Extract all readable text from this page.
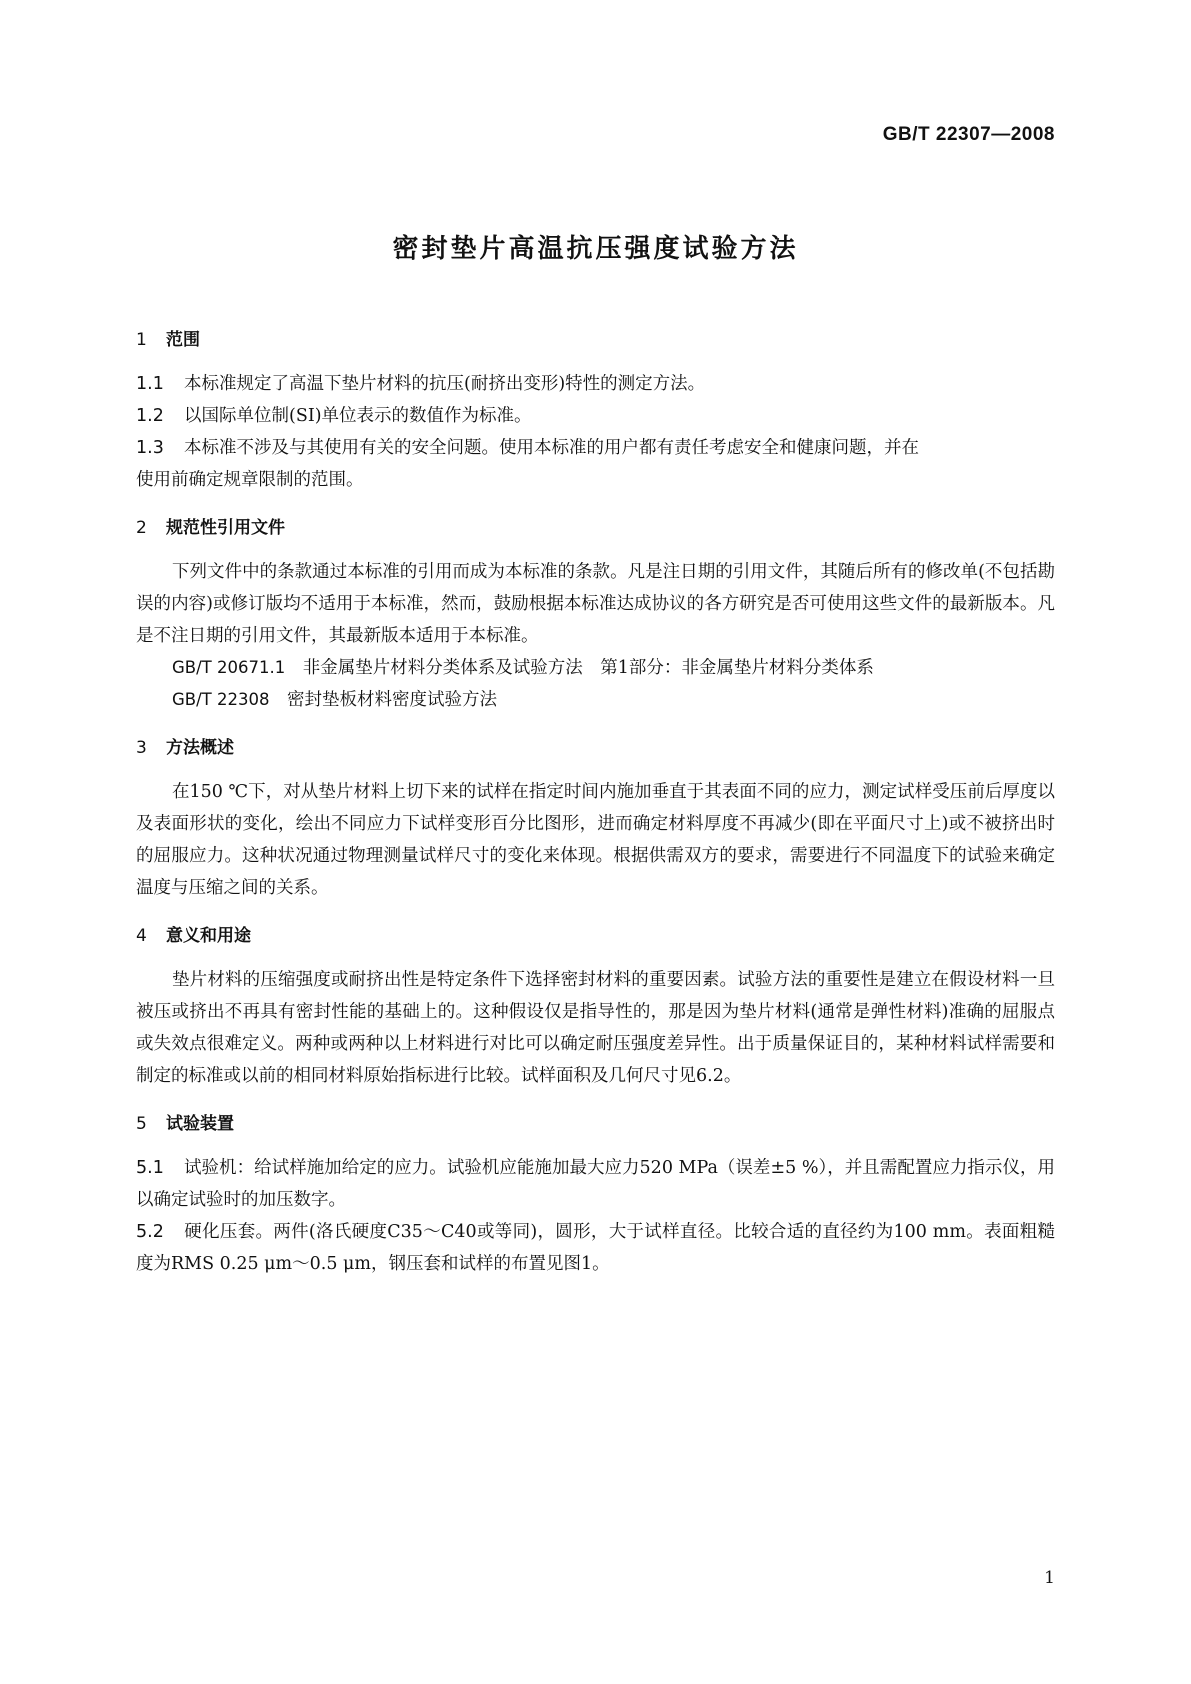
GB/T 22307—2008
密封垫片高温抗压强度试验方法
1 范围

1.1 本标准规定了高温下垫片材料的抗压(耐挤出变形)特性的测定方法。

1.2 以国际单位制(SI)单位表示的数值作为标准。

1.3 本标准不涉及与其使用有关的安全问题。使用本标准的用户都有责任考虑安全和健康问题，并在

使用前确定规章限制的范围。

2 规范性引用文件

下列文件中的条款通过本标准的引用而成为本标准的条款。凡是注日期的引用文件，其随后所有的修改单(不包括勘误的内容)或修订版均不适用于本标准，然而，鼓励根据本标准达成协议的各方研究是否可使用这些文件的最新版本。凡是不注日期的引用文件，其最新版本适用于本标准。

GB/T 20671.1　 非金属垫片材料分类体系及试验方法　第1部分：非金属垫片材料分类体系

GB/T 22308　 密封垫板材料密度试验方法

3 方法概述

在150 ℃下，对从垫片材料上切下来的试样在指定时间内施加垂直于其表面不同的应力，测定试样受压前后厚度以及表面形状的变化，绘出不同应力下试样变形百分比图形，进而确定材料厚度不再减少(即在平面尺寸上)或不被挤出时的屈服应力。这种状况通过物理测量试样尺寸的变化来体现。根据供需双方的要求，需要进行不同温度下的试验来确定温度与压缩之间的关系。

4 意义和用途

垫片材料的压缩强度或耐挤出性是特定条件下选择密封材料的重要因素。试验方法的重要性是建立在假设材料一旦被压或挤出不再具有密封性能的基础上的。这种假设仅是指导性的，那是因为垫片材料(通常是弹性材料)准确的屈服点或失效点很难定义。两种或两种以上材料进行对比可以确定耐压强度差异性。出于质量保证目的，某种材料试样需要和制定的标准或以前的相同材料原始指标进行比较。试样面积及几何尺寸见6.2。

5 试验装置

5.1 试验机：给试样施加给定的应力。试验机应能施加最大应力520 MPa（误差±5 %），并且需配置应力指示仪，用以确定试验时的加压数字。

5.2 硬化压套。两件(洛氏硬度C35～C40或等同)，圆形，大于试样直径。比较合适的直径约为100 mm。表面粗糙度为RMS 0.25 μm～0.5 μm，钢压套和试样的布置见图1。

1
